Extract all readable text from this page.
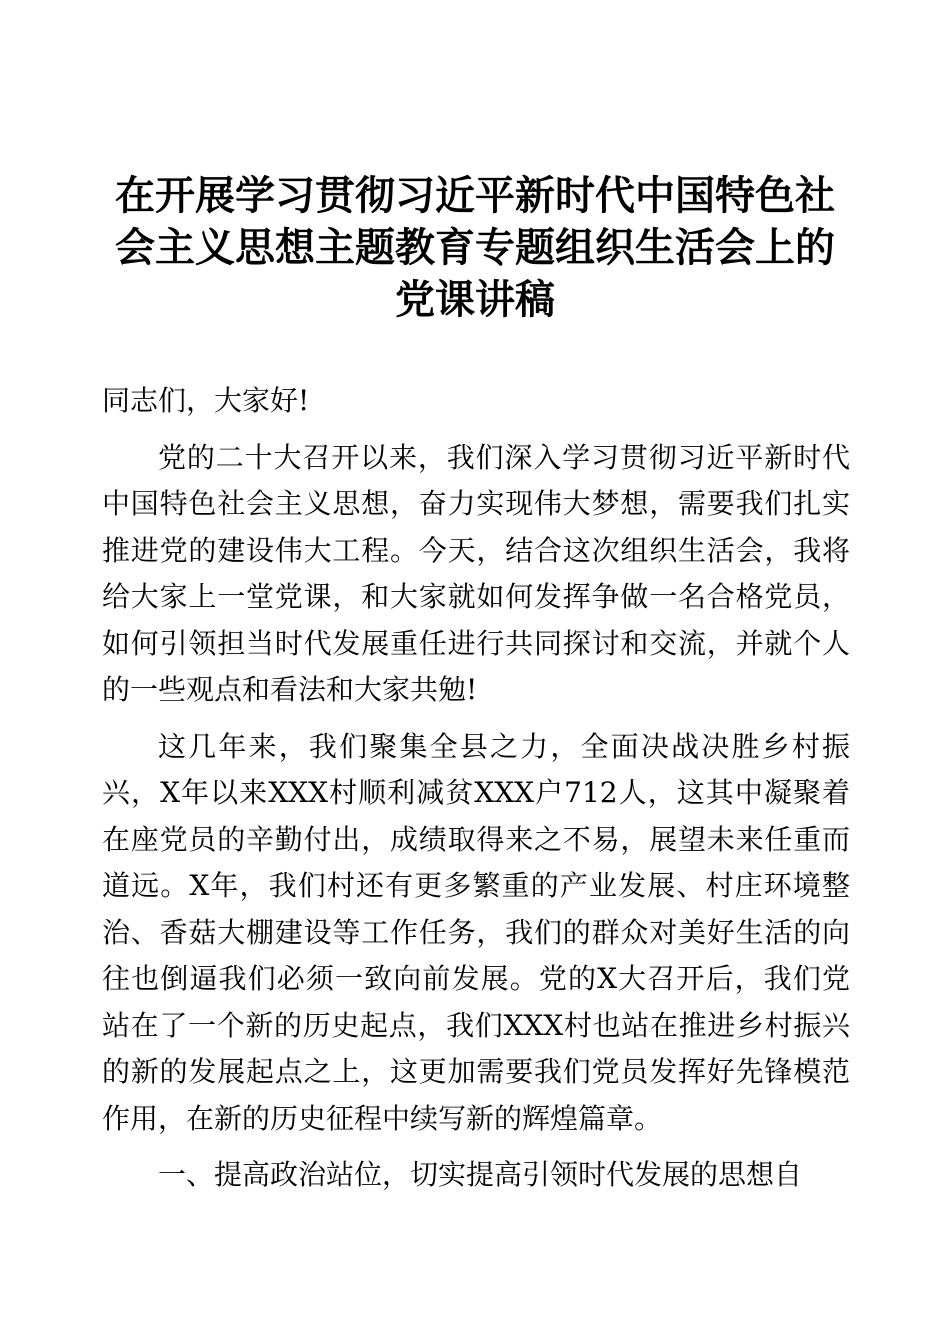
在开展学习贯彻习近平新时代中国特色社
会主义思想主题教育专题组织生活会上的
党课讲稿
同志们，大家好!
党的二十大召开以来，我们深入学习贯彻习近平新时代
中国特色社会主义思想，奋力实现伟大梦想，需要我们扎实
推进党的建设伟大工程。今天，结合这次组织生活会，我将
给大家上一堂党课，和大家就如何发挥争做一名合格党员，
如何引领担当时代发展重任进行共同探讨和交流，并就个人
的一些观点和看法和大家共勉!
这几年来，我们聚集全县之力，全面决战决胜乡村振
兴，X年以来XXX村顺利减贫XXX户712人，这其中凝聚着
在座党员的辛勤付出，成绩取得来之不易，展望未来任重而
道远。X年，我们村还有更多繁重的产业发展、村庄环境整
治、香菇大棚建设等工作任务，我们的群众对美好生活的向
往也倒逼我们必须一致向前发展。党的X大召开后，我们党
站在了一个新的历史起点，我们XXX村也站在推进乡村振兴
的新的发展起点之上，这更加需要我们党员发挥好先锋模范
作用，在新的历史征程中续写新的辉煌篇章。
一、提高政治站位，切实提高引领时代发展的思想自
